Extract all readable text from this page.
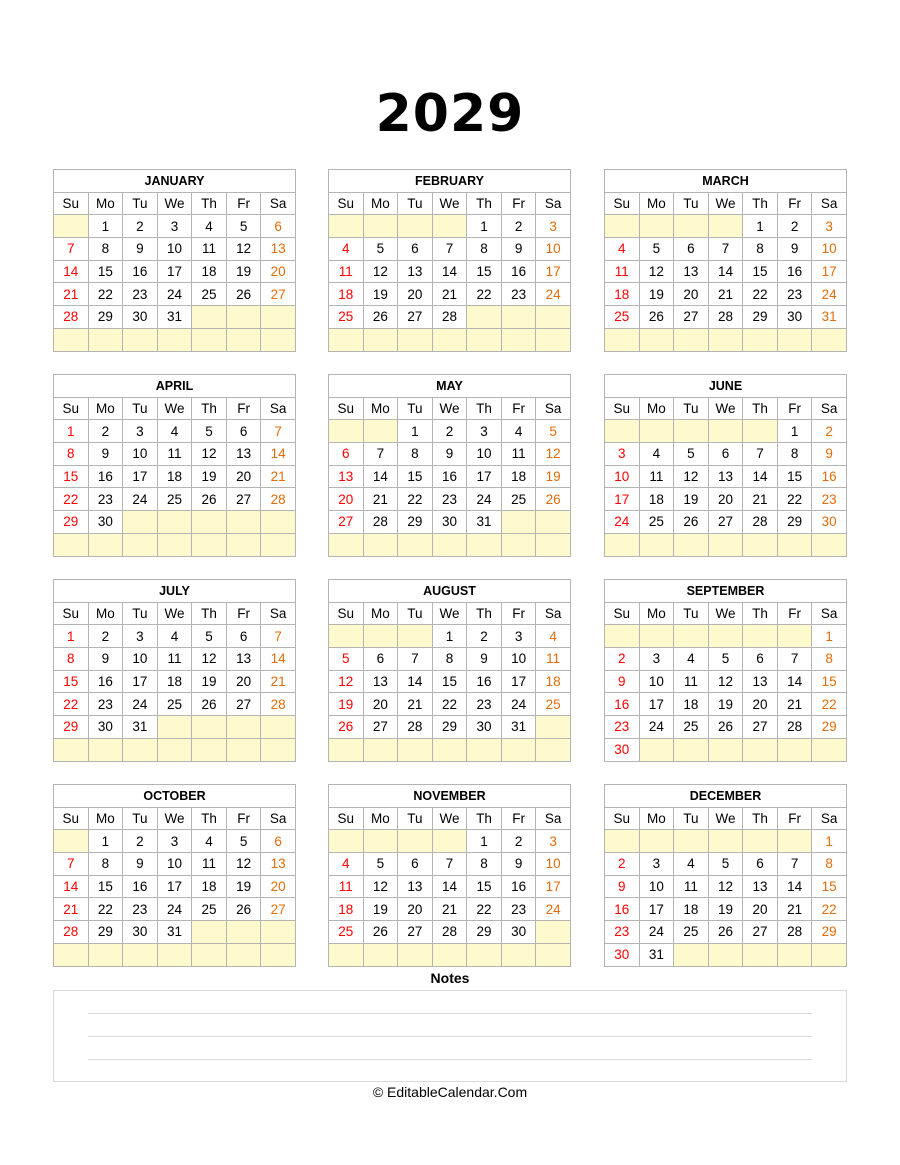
2029
JANUARY						
Su	Mo	Tu	We	Th	Fr	Sa
	1	2	3	4	5	6
7	8	9	10	11	12	13
14	15	16	17	18	19	20
21	22	23	24	25	26	27
28	29	30	31			

FEBRUARY						
Su	Mo	Tu	We	Th	Fr	Sa
				1	2	3
4	5	6	7	8	9	10
11	12	13	14	15	16	17
18	19	20	21	22	23	24
25	26	27	28			

MARCH						
Su	Mo	Tu	We	Th	Fr	Sa
				1	2	3
4	5	6	7	8	9	10
11	12	13	14	15	16	17
18	19	20	21	22	23	24
25	26	27	28	29	30	31

APRIL						
Su	Mo	Tu	We	Th	Fr	Sa
1	2	3	4	5	6	7
8	9	10	11	12	13	14
15	16	17	18	19	20	21
22	23	24	25	26	27	28
29	30					

MAY						
Su	Mo	Tu	We	Th	Fr	Sa
		1	2	3	4	5
6	7	8	9	10	11	12
13	14	15	16	17	18	19
20	21	22	23	24	25	26
27	28	29	30	31		

JUNE						
Su	Mo	Tu	We	Th	Fr	Sa
					1	2
3	4	5	6	7	8	9
10	11	12	13	14	15	16
17	18	19	20	21	22	23
24	25	26	27	28	29	30

JULY						
Su	Mo	Tu	We	Th	Fr	Sa
1	2	3	4	5	6	7
8	9	10	11	12	13	14
15	16	17	18	19	20	21
22	23	24	25	26	27	28
29	30	31				

AUGUST						
Su	Mo	Tu	We	Th	Fr	Sa
			1	2	3	4
5	6	7	8	9	10	11
12	13	14	15	16	17	18
19	20	21	22	23	24	25
26	27	28	29	30	31	

SEPTEMBER						
Su	Mo	Tu	We	Th	Fr	Sa
						1
2	3	4	5	6	7	8
9	10	11	12	13	14	15
16	17	18	19	20	21	22
23	24	25	26	27	28	29
30						
OCTOBER						
Su	Mo	Tu	We	Th	Fr	Sa
	1	2	3	4	5	6
7	8	9	10	11	12	13
14	15	16	17	18	19	20
21	22	23	24	25	26	27
28	29	30	31			

NOVEMBER						
Su	Mo	Tu	We	Th	Fr	Sa
				1	2	3
4	5	6	7	8	9	10
11	12	13	14	15	16	17
18	19	20	21	22	23	24
25	26	27	28	29	30	

DECEMBER						
Su	Mo	Tu	We	Th	Fr	Sa
						1
2	3	4	5	6	7	8
9	10	11	12	13	14	15
16	17	18	19	20	21	22
23	24	25	26	27	28	29
30	31					
Notes
© EditableCalendar.Com
